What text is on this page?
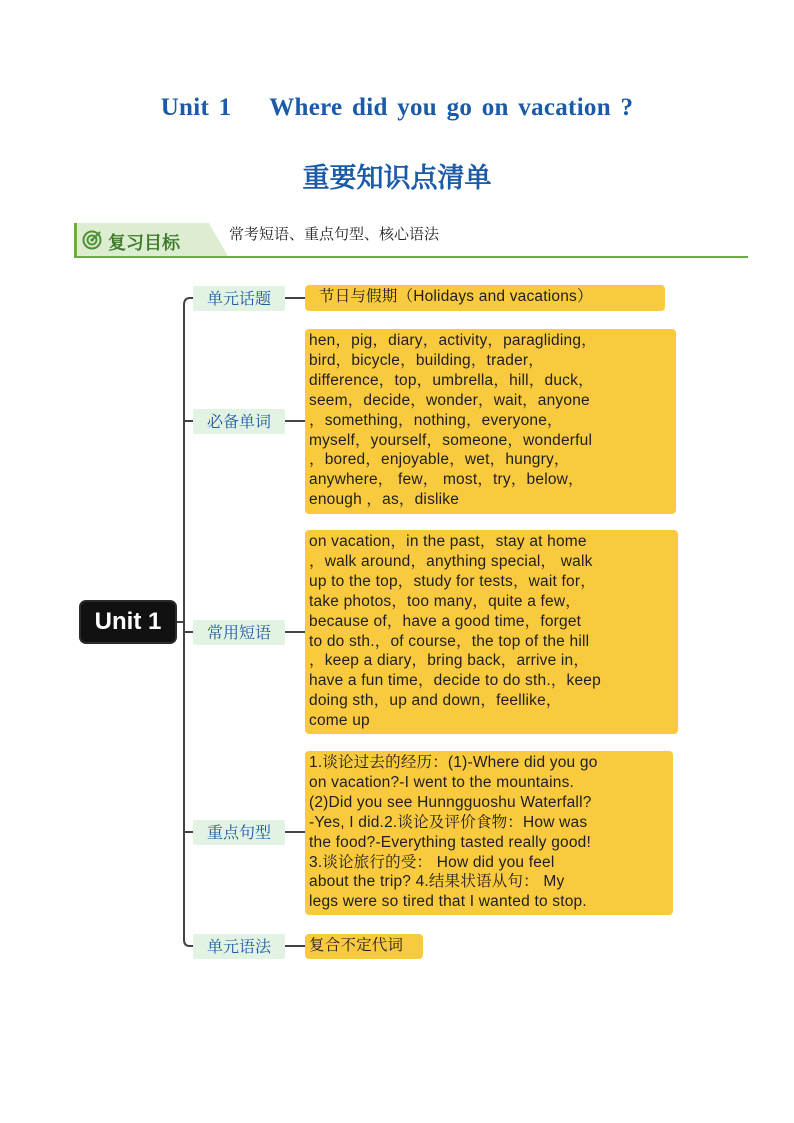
Unit 1    Where did you go on vacation ?
重要知识点清单
复习目标	常考短语、重点句型、核心语法
Unit 1
单元话题
必备单词
常用短语
重点句型
单元语法
节日与假期（Holidays and vacations）
hen，pig，diary，activity，paragliding，
bird，bicycle，building，trader，
difference，top，umbrella，hill，duck，
seem，decide，wonder，wait，anyone
，something，nothing，everyone，
myself，yourself，someone，wonderful
，bored，enjoyable，wet，hungry，
anywhere， few， most，try，below，
enough ，as，dislike
on vacation，in the past，stay at home
，walk around，anything special， walk
up to the top，study for tests，wait for，
take photos，too many，quite a few，
because of，have a good time，forget
to do sth.，of course，the top of the hill
，keep a diary，bring back，arrive in，
have a fun time，decide to do sth.，keep
doing sth，up and down，feellike，
come up
1.谈论过去的经历：(1)-Where did you go
on vacation?-I went to the mountains.
(2)Did you see Hunngguoshu Waterfall?
-Yes, I did.2.谈论及评价食物：How was
the food?-Everything tasted really good!
3.谈论旅行的受： How did you feel
about the trip? 4.结果状语从句： My
legs were so tired that I wanted to stop.
复合不定代词
